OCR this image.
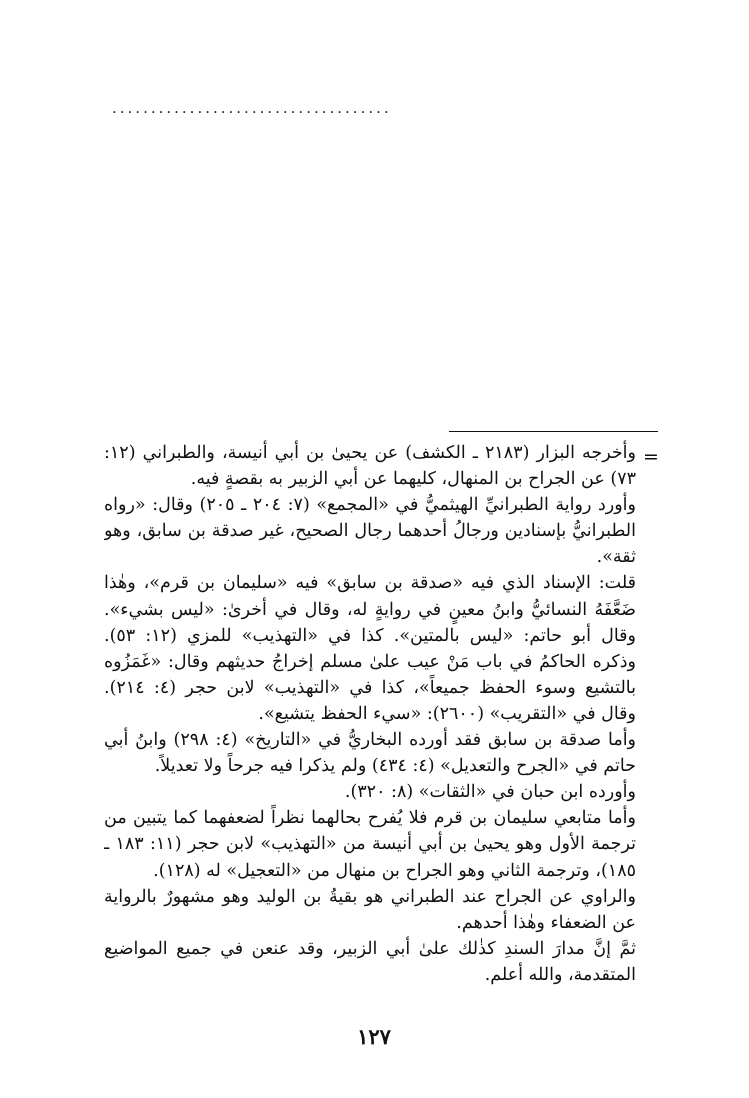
....................................
=

وأخرجه البزار (٢١٨٣ ـ الكشف) عن يحيىٰ بن أبي أنيسة، والطبراني (١٢: ٧٣) عن الجراح بن المنهال، كليهما عن أبي الزبير به بقصةٍ فيه.

وأورد رواية الطبرانيِّ الهيثميُّ في «المجمع» (٧: ٢٠٤ ـ ٢٠٥) وقال: «رواه الطبرانيُّ بإسنادين ورجالُ أحدهما رجال الصحيح، غير صدقة بن سابق، وهو ثقة».

قلت: الإسناد الذي فيه «صدقة بن سابق» فيه «سليمان بن قرم»، وهٰذا ضَعَّفَهُ النسائيُّ وابنُ معينٍ في روايةٍ له، وقال في أخرىٰ: «ليس بشيء». وقال أبو حاتم: «ليس بالمتين». كذا في «التهذيب» للمزي (١٢: ٥٣). وذكره الحاكمُ في باب مَنْ عيب علىٰ مسلم إخراجُ حديثهم وقال: «غَمَزُوه بالتشيع وسوء الحفظ جميعاً»، كذا في «التهذيب» لابن حجر (٤: ٢١٤). وقال في «التقريب» (٢٦٠٠): «سيء الحفظ يتشيع».

وأما صدقة بن سابق فقد أورده البخاريُّ في «التاريخ» (٤: ٢٩٨) وابنُ أبي حاتم في «الجرح والتعديل» (٤: ٤٣٤) ولم يذكرا فيه جرحاً ولا تعديلاً.

وأورده ابن حبان في «الثقات» (٨: ٣٢٠).

وأما متابعي سليمان بن قرم فلا يُفرح بحالهما نظراً لضعفهما كما يتبين من ترجمة الأول وهو يحيىٰ بن أبي أنيسة من «التهذيب» لابن حجر (١١: ١٨٣ ـ ١٨٥)، وترجمة الثاني وهو الجراح بن منهال من «التعجيل» له (١٢٨).

والراوي عن الجراح عند الطبراني هو بقيةُ بن الوليد وهو مشهورٌ بالرواية عن الضعفاء وهٰذا أحدهم.

ثمَّ إنَّ مدارَ السندِ كذٰلك علىٰ أبي الزبير، وقد عنعن في جميع المواضيع المتقدمة، والله أعلم.

١٢٧
